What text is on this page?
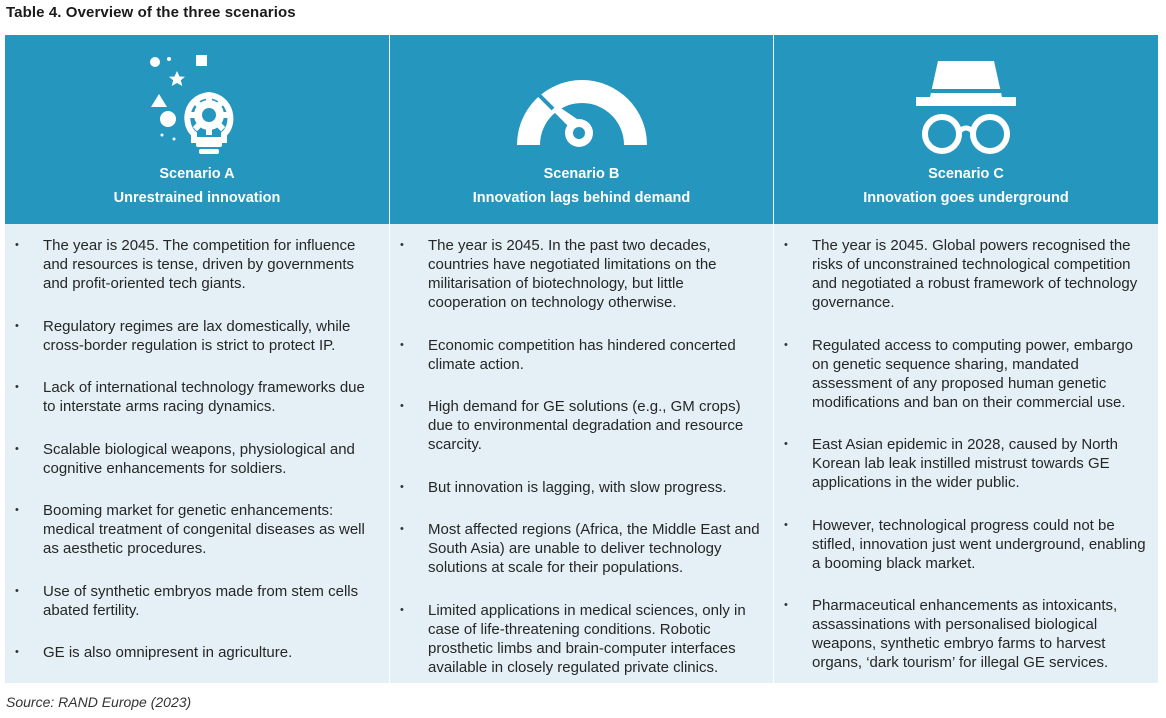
Table 4. Overview of the three scenarios
Scenario A
Unrestrained innovation
• The year is 2045. The competition for influence and resources is tense, driven by governments and profit-oriented tech giants.
• Regulatory regimes are lax domestically, while cross-border regulation is strict to protect IP.
• Lack of international technology frameworks due to interstate arms racing dynamics.
• Scalable biological weapons, physiological and cognitive enhancements for soldiers.
• Booming market for genetic enhancements: medical treatment of congenital diseases as well as aesthetic procedures.
• Use of synthetic embryos made from stem cells abated fertility.
• GE is also omnipresent in agriculture.
Scenario B
Innovation lags behind demand
• The year is 2045. In the past two decades, countries have negotiated limitations on the militarisation of biotechnology, but little cooperation on technology otherwise.
• Economic competition has hindered concerted climate action.
• High demand for GE solutions (e.g., GM crops) due to environmental degradation and resource scarcity.
• But innovation is lagging, with slow progress.
• Most affected regions (Africa, the Middle East and South Asia) are unable to deliver technology solutions at scale for their populations.
• Limited applications in medical sciences, only in case of life-threatening conditions. Robotic prosthetic limbs and brain-computer interfaces available in closely regulated private clinics.
Scenario C
Innovation goes underground
• The year is 2045. Global powers recognised the risks of unconstrained technological competition and negotiated a robust framework of technology governance.
• Regulated access to computing power, embargo on genetic sequence sharing, mandated assessment of any proposed human genetic modifications and ban on their commercial use.
• East Asian epidemic in 2028, caused by North Korean lab leak instilled mistrust towards GE applications in the wider public.
• However, technological progress could not be stifled, innovation just went underground, enabling a booming black market.
• Pharmaceutical enhancements as intoxicants, assassinations with personalised biological weapons, synthetic embryo farms to harvest organs, ‘dark tourism’ for illegal GE services.
Source: RAND Europe (2023)
